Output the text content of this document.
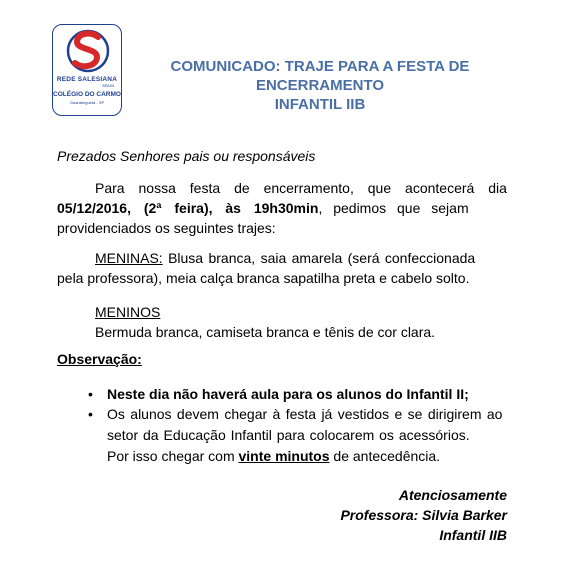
REDE SALESIANA
BRASIL
COLÉGIO DO CARMO
Guaratinguetá - SP
COMUNICADO: TRAJE PARA A FESTA DE
ENCERRAMENTO
INFANTIL IIB
Prezados Senhores pais ou responsáveis
Para nossa festa de encerramento, que acontecerá dia
05/12/2016, (2ª feira), às 19h30min , pedimos que sejam
providenciados os seguintes trajes:
MENINAS: Blusa branca, saia amarela (será confeccionada
pela professora), meia calça branca sapatilha preta e cabelo solto.
MENINOS
Bermuda branca, camiseta branca e tênis de cor clara.
Observação:
• Neste dia não haverá aula para os alunos do Infantil II;
• Os alunos devem chegar à festa já vestidos e se dirigirem ao
setor da Educação Infantil para colocarem os acessórios.
Por isso chegar com vinte minutos de antecedência.
Atenciosamente
Professora: Silvia Barker
Infantil IIB
